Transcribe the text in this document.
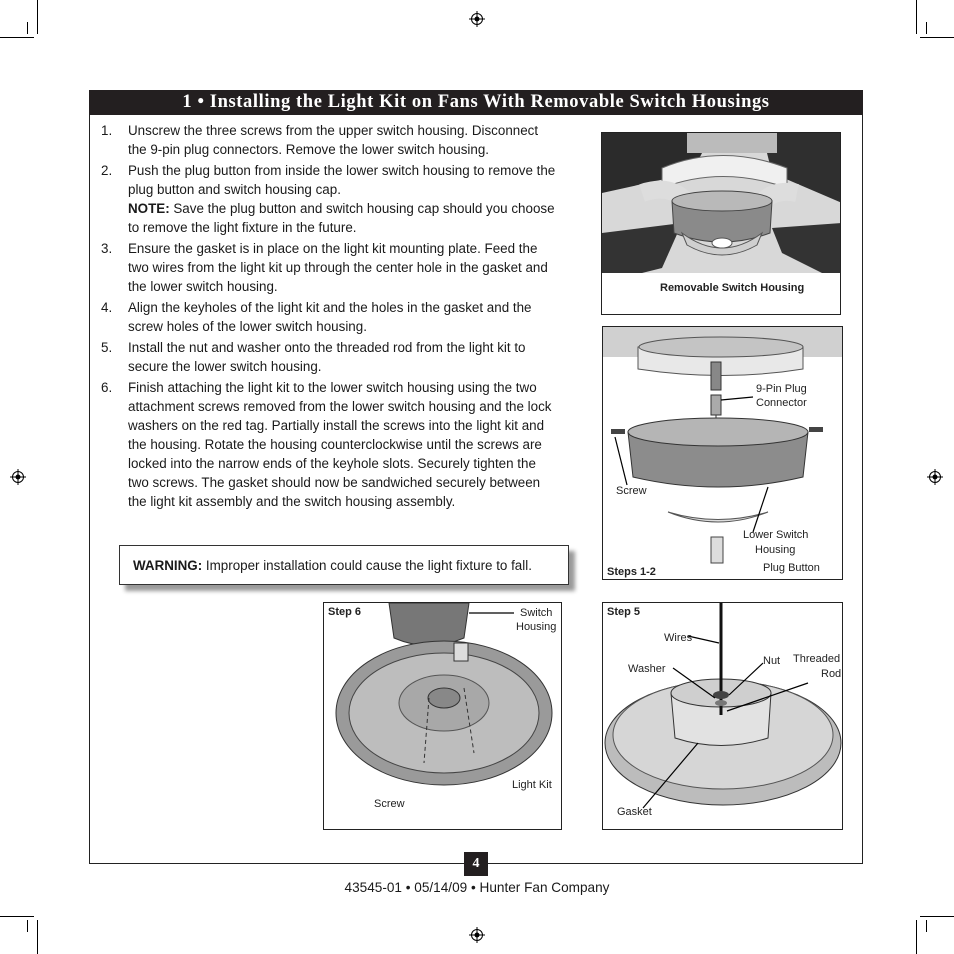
1 • Installing the Light Kit on Fans With Removable Switch Housings
1. Unscrew the three screws from the upper switch housing. Disconnect the 9-pin plug connectors. Remove the lower switch housing.
2. Push the plug button from inside the lower switch housing to remove the plug button and switch housing cap.
NOTE: Save the plug button and switch housing cap should you choose to remove the light fixture in the future.
3. Ensure the gasket is in place on the light kit mounting plate. Feed the two wires from the light kit up through the center hole in the gasket and the lower switch housing.
4. Align the keyholes of the light kit and the holes in the gasket and the screw holes of the lower switch housing.
5. Install the nut and washer onto the threaded rod from the light kit to secure the lower switch housing.
6. Finish attaching the light kit to the lower switch housing using the two attachment screws removed from the lower switch housing and the lock washers on the red tag. Partially install the screws into the light kit and the housing. Rotate the housing counterclockwise until the screws are locked into the narrow ends of the keyhole slots. Securely tighten the two screws. The gasket should now be sandwiched securely between the light kit assembly and the switch housing assembly.
WARNING: Improper installation could cause the light fixture to fall.
Removable Switch Housing
9-Pin Plug
Connector
Screw
Lower Switch
Housing
Plug Button
Steps 1-2
Step 6	Switch
Housing
Light Kit
Screw
Step 5
Wires
Washer
Nut Threaded
Rod
Gasket
4
43545-01 • 05/14/09 • Hunter Fan Company
